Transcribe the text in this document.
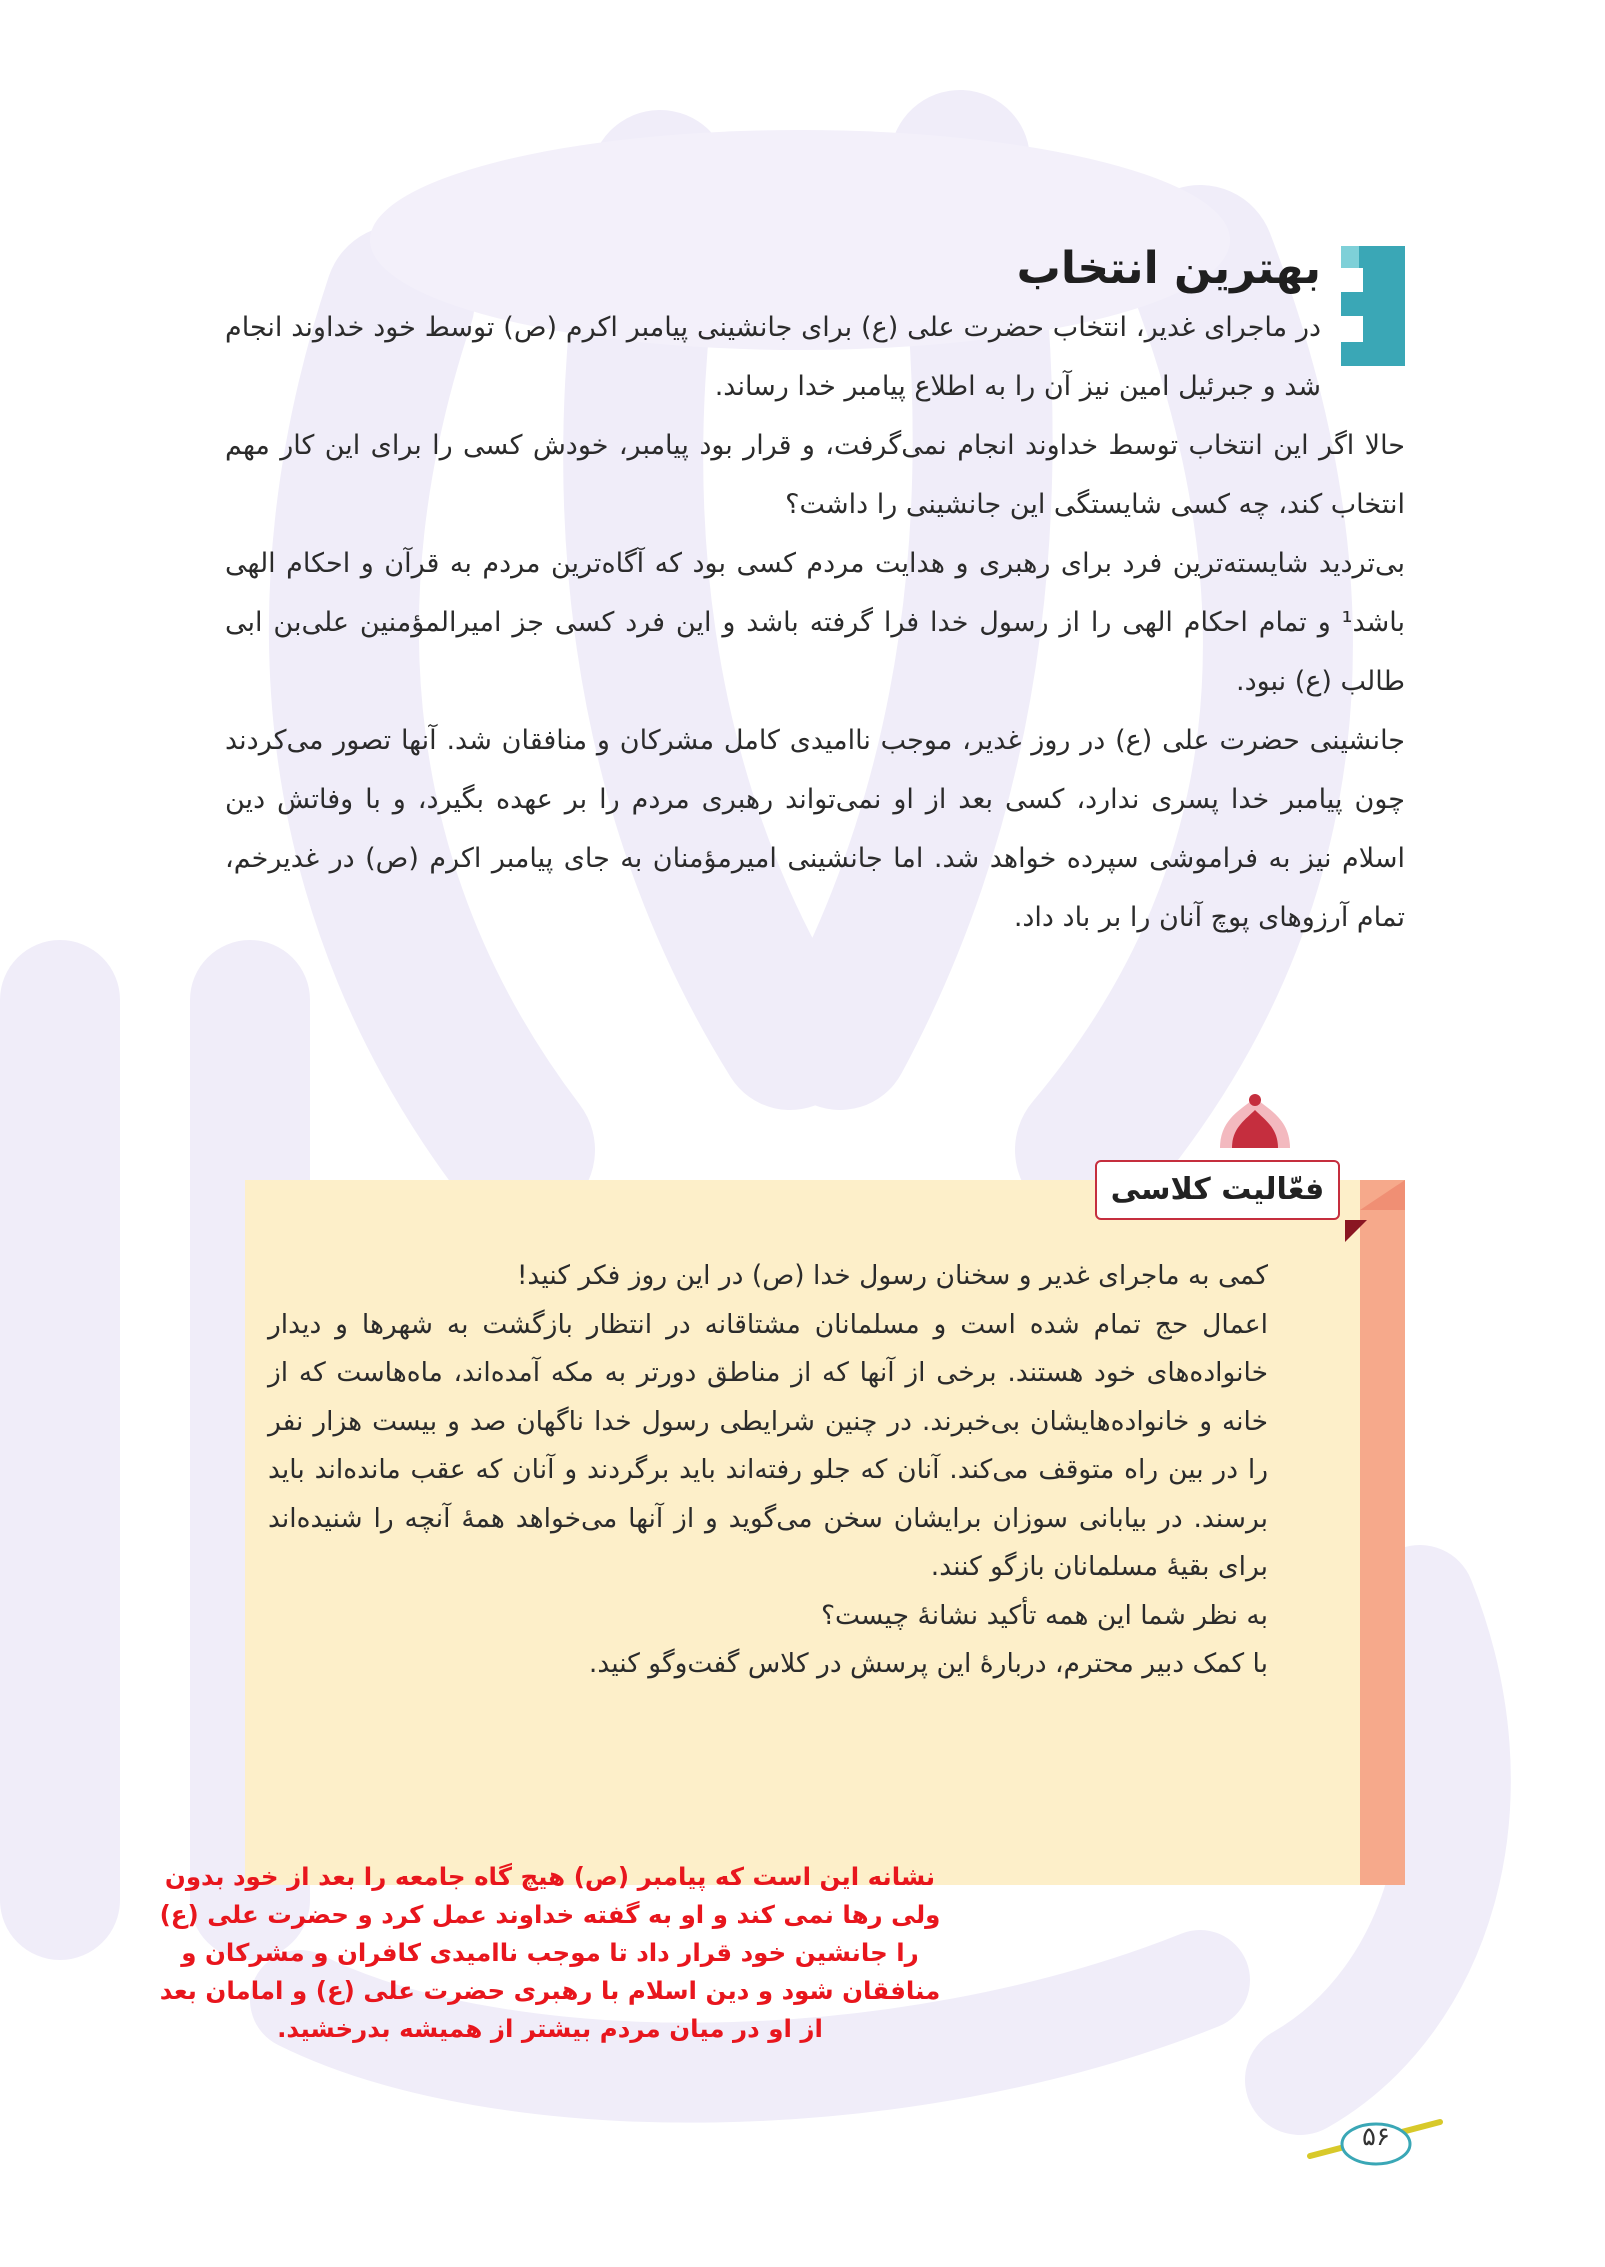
بهترین انتخاب

در ماجرای غدیر، انتخاب حضرت علی (ع) برای جانشینی پیامبر اکرم (ص) توسط خود خداوند انجام شد و جبرئیل امین نیز آن را به اطلاع پیامبر خدا رساند.

حالا اگر این انتخاب توسط خداوند انجام نمی‌گرفت، و قرار بود پیامبر، خودش کسی را برای این کار مهم انتخاب کند، چه کسی شایستگی این جانشینی را داشت؟

بی‌تردید شایسته‌ترین فرد برای رهبری و هدایت مردم کسی بود که آگاه‌ترین مردم به قرآن و احکام الهی باشد¹ و تمام احکام الهی را از رسول خدا فرا گرفته باشد و این فرد کسی جز امیرالمؤمنین علی‌بن ابی طالب (ع) نبود.

جانشینی حضرت علی (ع) در روز غدیر، موجب ناامیدی کامل مشرکان و منافقان شد. آنها تصور می‌کردند چون پیامبر خدا پسری ندارد، کسی بعد از او نمی‌تواند رهبری مردم را بر عهده بگیرد، و با وفاتش دین اسلام نیز به فراموشی سپرده خواهد شد. اما جانشینی امیرمؤمنان به جای پیامبر اکرم (ص) در غدیرخم، تمام آرزوهای پوچ آنان را بر باد داد.

فعّالیت کلاسی

کمی به ماجرای غدیر و سخنان رسول خدا (ص) در این روز فکر کنید!

اعمال حج تمام شده است و مسلمانان مشتاقانه در انتظار بازگشت به شهرها و دیدار خانواده‌های خود هستند. برخی از آنها که از مناطق دورتر به مکه آمده‌اند، ماه‌هاست که از خانه و خانواده‌هایشان بی‌خبرند. در چنین شرایطی رسول خدا ناگهان صد و بیست هزار نفر را در بین راه متوقف می‌کند. آنان که جلو رفته‌اند باید برگردند و آنان که عقب مانده‌اند باید برسند. در بیابانی سوزان برایشان سخن می‌گوید و از آنها می‌خواهد همهٔ آنچه را شنیده‌اند برای بقیهٔ مسلمانان بازگو کنند.

به نظر شما این همه تأکید نشانهٔ چیست؟

با کمک دبیر محترم، دربارهٔ این پرسش در کلاس گفت‌وگو کنید.

نشانه این است که پیامبر (ص) هیچ گاه جامعه را بعد از خود بدون ولی رها نمی کند و او به گفته خداوند عمل کرد و حضرت علی (ع) را جانشین خود قرار داد تا موجب ناامیدی کافران و مشرکان و منافقان شود و دین اسلام با رهبری حضرت علی (ع) و امامان بعد از او در میان مردم بیشتر از همیشه بدرخشید.
۵۶
